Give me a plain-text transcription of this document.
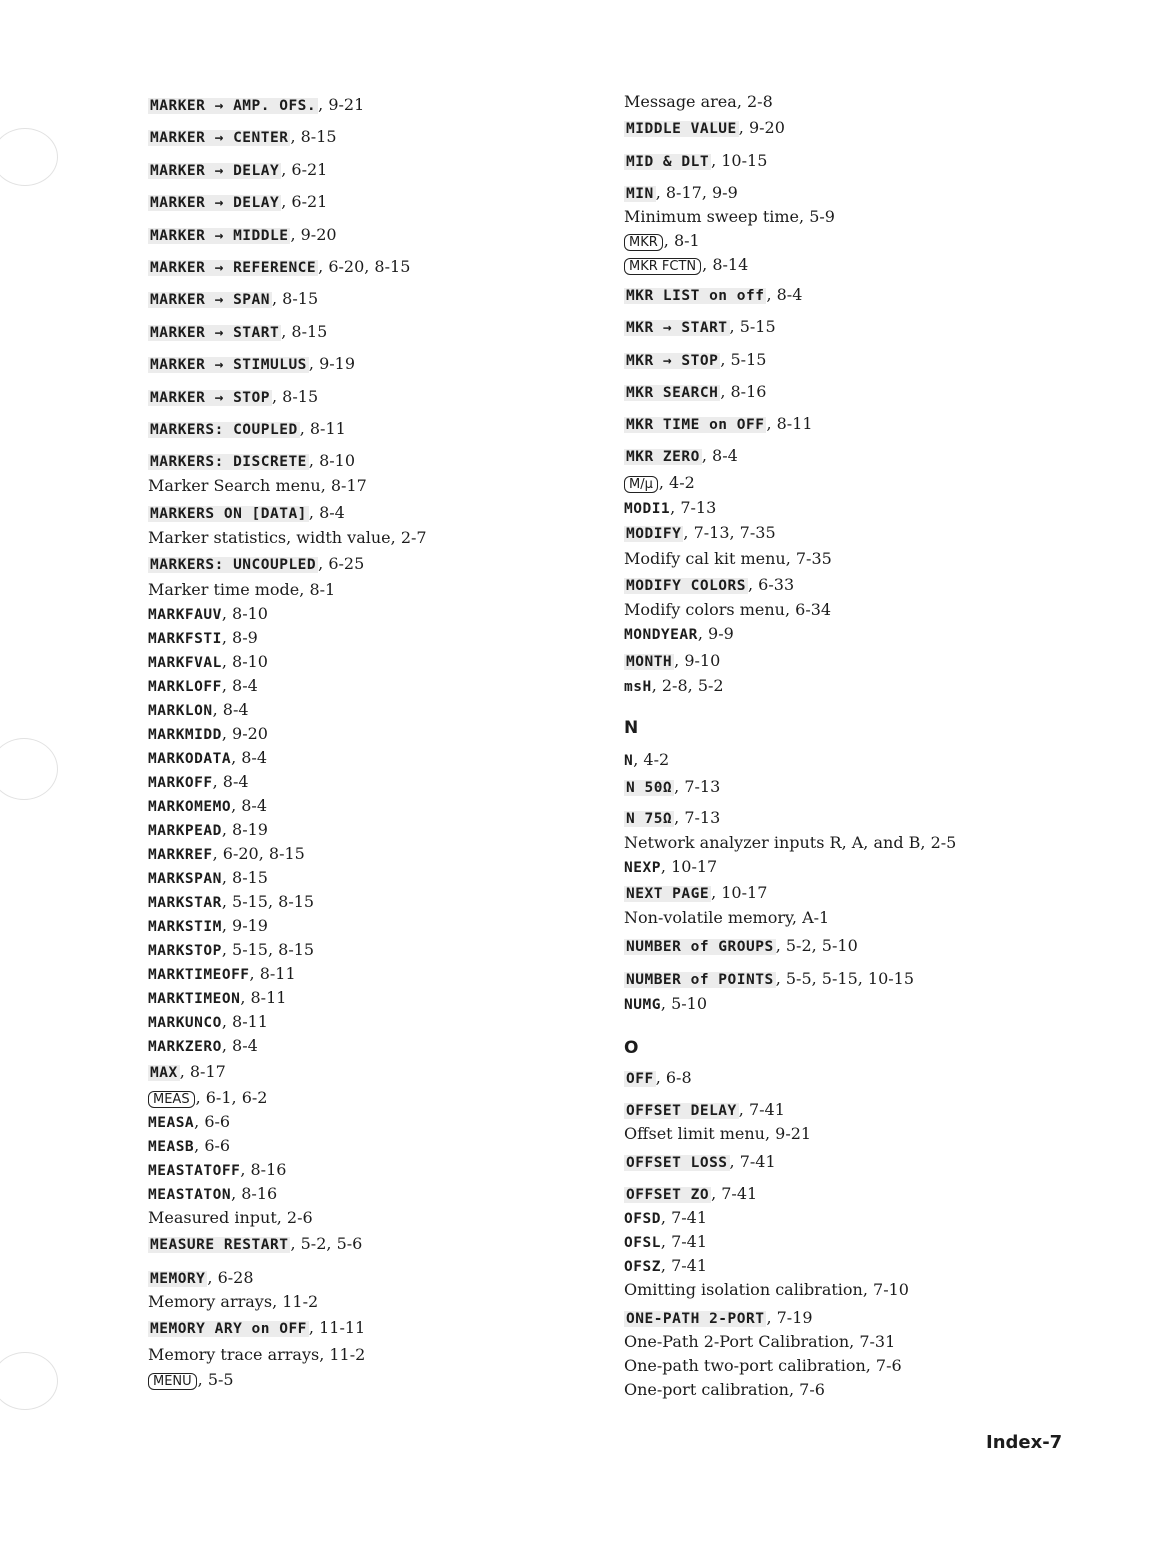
MARKER → AMP. OFS. , 9-21
MARKER → CENTER , 8-15
MARKER → DELAY , 6-21
MARKER → DELAY , 6-21
MARKER → MIDDLE , 9-20
MARKER → REFERENCE , 6-20, 8-15
MARKER → SPAN , 8-15
MARKER → START , 8-15
MARKER → STIMULUS , 9-19
MARKER → STOP , 8-15
MARKERS: COUPLED , 8-11
MARKERS: DISCRETE , 8-10
Marker Search menu, 8-17
MARKERS ON [DATA] , 8-4
Marker statistics, width value, 2-7
MARKERS: UNCOUPLED , 6-25
Marker time mode, 8-1
MARKFAUV, 8-10
MARKFSTI, 8-9
MARKFVAL, 8-10
MARKLOFF, 8-4
MARKLON, 8-4
MARKMIDD, 9-20
MARKODATA, 8-4
MARKOFF, 8-4
MARKOMEMO, 8-4
MARKPEAD, 8-19
MARKREF, 6-20, 8-15
MARKSPAN, 8-15
MARKSTAR, 5-15, 8-15
MARKSTIM, 9-19
MARKSTOP, 5-15, 8-15
MARKTIMEOFF, 8-11
MARKTIMEON, 8-11
MARKUNCO, 8-11
MARKZERO, 8-4
MAX , 8-17
MEAS , 6-1, 6-2
MEASA, 6-6
MEASB, 6-6
MEASTATOFF, 8-16
MEASTATON, 8-16
Measured input, 2-6
MEASURE RESTART , 5-2, 5-6
MEMORY , 6-28
Memory arrays, 11-2
MEMORY ARY on OFF , 11-11
Memory trace arrays, 11-2
MENU , 5-5
Message area, 2-8
MIDDLE VALUE , 9-20
MID & DLT , 10-15
MIN , 8-17, 9-9
Minimum sweep time, 5-9
MKR , 8-1
MKR FCTN , 8-14
MKR LIST on off , 8-4
MKR → START , 5-15
MKR → STOP , 5-15
MKR SEARCH , 8-16
MKR TIME on OFF , 8-11
MKR ZERO , 8-4
M/μ , 4-2
MODI1, 7-13
MODIFY , 7-13, 7-35
Modify cal kit menu, 7-35
MODIFY COLORS , 6-33
Modify colors menu, 6-34
MONDYEAR, 9-9
MONTH , 9-10
msH, 2-8, 5-2
N
N, 4-2
N 50Ω , 7-13
N 75Ω , 7-13
Network analyzer inputs R, A, and B, 2-5
NEXP, 10-17
NEXT PAGE , 10-17
Non-volatile memory, A-1
NUMBER of GROUPS , 5-2, 5-10
NUMBER of POINTS , 5-5, 5-15, 10-15
NUMG, 5-10
O
OFF , 6-8
OFFSET DELAY , 7-41
Offset limit menu, 9-21
OFFSET LOSS , 7-41
OFFSET ZO , 7-41
OFSD, 7-41
OFSL, 7-41
OFSZ, 7-41
Omitting isolation calibration, 7-10
ONE-PATH 2-PORT , 7-19
One-Path 2-Port Calibration, 7-31
One-path two-port calibration, 7-6
One-port calibration, 7-6
Index-7
